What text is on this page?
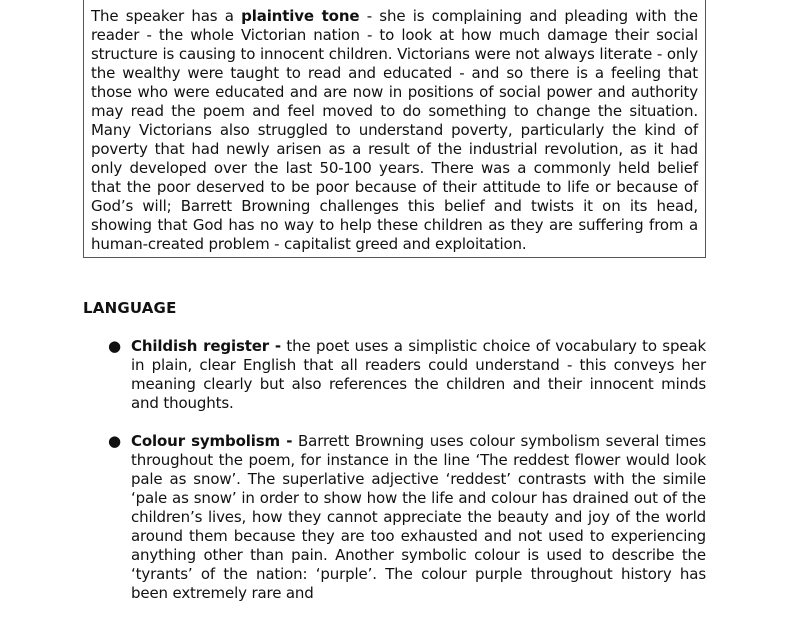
The speaker has a plaintive tone - she is complaining and pleading with the reader - the whole Victorian nation - to look at how much damage their social structure is causing to innocent children. Victorians were not always literate - only the wealthy were taught to read and educated - and so there is a feeling that those who were educated and are now in positions of social power and authority may read the poem and feel moved to do something to change the situation. Many Victorians also struggled to understand poverty, particularly the kind of poverty that had newly arisen as a result of the industrial revolution, as it had only developed over the last 50-100 years. There was a commonly held belief that the poor deserved to be poor because of their attitude to life or because of God’s will; Barrett Browning challenges this belief and twists it on its head, showing that God has no way to help these children as they are suffering from a human-created problem - capitalist greed and exploitation.

LANGUAGE
● Childish register - the poet uses a simplistic choice of vocabulary to speak in plain, clear English that all readers could understand - this conveys her meaning clearly but also references the children and their innocent minds and thoughts.
● Colour symbolism - Barrett Browning uses colour symbolism several times throughout the poem, for instance in the line ‘The reddest flower would look pale as snow’. The superlative adjective ‘reddest’ contrasts with the simile ‘pale as snow’ in order to show how the life and colour has drained out of the children’s lives, how they cannot appreciate the beauty and joy of the world around them because they are too exhausted and not used to experiencing anything other than pain. Another symbolic colour is used to describe the ‘tyrants’ of the nation: ‘purple’. The colour purple throughout history has been extremely rare and
